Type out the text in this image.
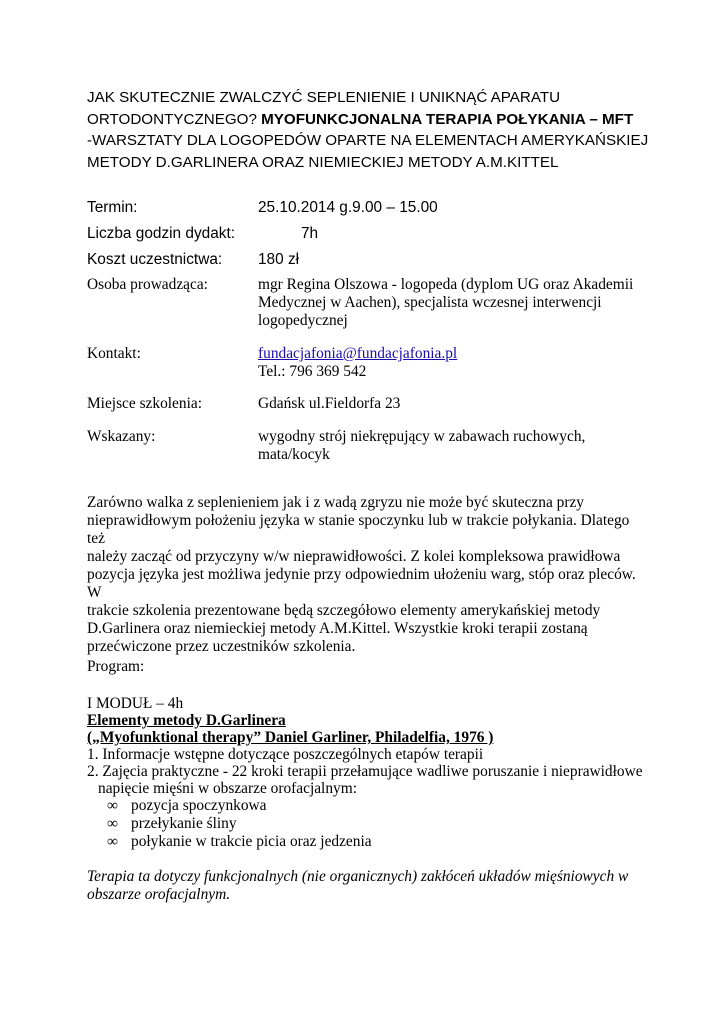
JAK SKUTECZNIE ZWALCZYĆ SEPLENIENIE I UNIKNĄĆ APARATU
ORTODONTYCZNEGO? MYOFUNKCJONALNA TERAPIA POŁYKANIA – MFT
-WARSZTATY DLA LOGOPEDÓW OPARTE NA ELEMENTACH AMERYKAŃSKIEJ
METODY D.GARLINERA ORAZ NIEMIECKIEJ METODY A.M.KITTEL
Termin:	25.10.2014 g.9.00 – 15.00
Liczba godzin dydakt:	7h
Koszt uczestnictwa: 180 zł
Osoba prowadząca:	mgr Regina Olszowa - logopeda (dyplom UG oraz Akademii
Medycznej w Aachen), specjalista wczesnej interwencji
logopedycznej
Kontakt:	fundacjafonia@fundacjafonia.pl
Tel.: 796 369 542
Miejsce szkolenia:	Gdańsk ul.Fieldorfa 23
Wskazany:	wygodny strój niekrępujący w zabawach ruchowych,
mata/kocyk
Zarówno walka z seplenieniem jak i z wadą zgryzu nie może być skuteczna przy
nieprawidłowym położeniu języka w stanie spoczynku lub w trakcie połykania. Dlatego też
należy zacząć od przyczyny w/w nieprawidłowości. Z kolei kompleksowa prawidłowa
pozycja języka jest możliwa jedynie przy odpowiednim ułożeniu warg, stóp oraz pleców. W
trakcie szkolenia prezentowane będą szczegółowo elementy amerykańskiej metody
D.Garlinera oraz niemieckiej metody A.M.Kittel. Wszystkie kroki terapii zostaną
przećwiczone przez uczestników szkolenia.
Program:
I MODUŁ – 4h
Elementy metody D.Garlinera
(„Myofunktional therapy” Daniel Garliner, Philadelfia, 1976 )
1. Informacje wstępne dotyczące poszczególnych etapów terapii
2. Zajęcia praktyczne - 22 kroki terapii przełamujące wadliwe poruszanie i nieprawidłowe
napięcie mięśni w obszarze orofacjalnym:
∞ pozycja spoczynkowa
∞ przełykanie śliny
∞ połykanie w trakcie picia oraz jedzenia
Terapia ta dotyczy funkcjonalnych (nie organicznych) zakłóceń układów mięśniowych w
obszarze orofacjalnym.
